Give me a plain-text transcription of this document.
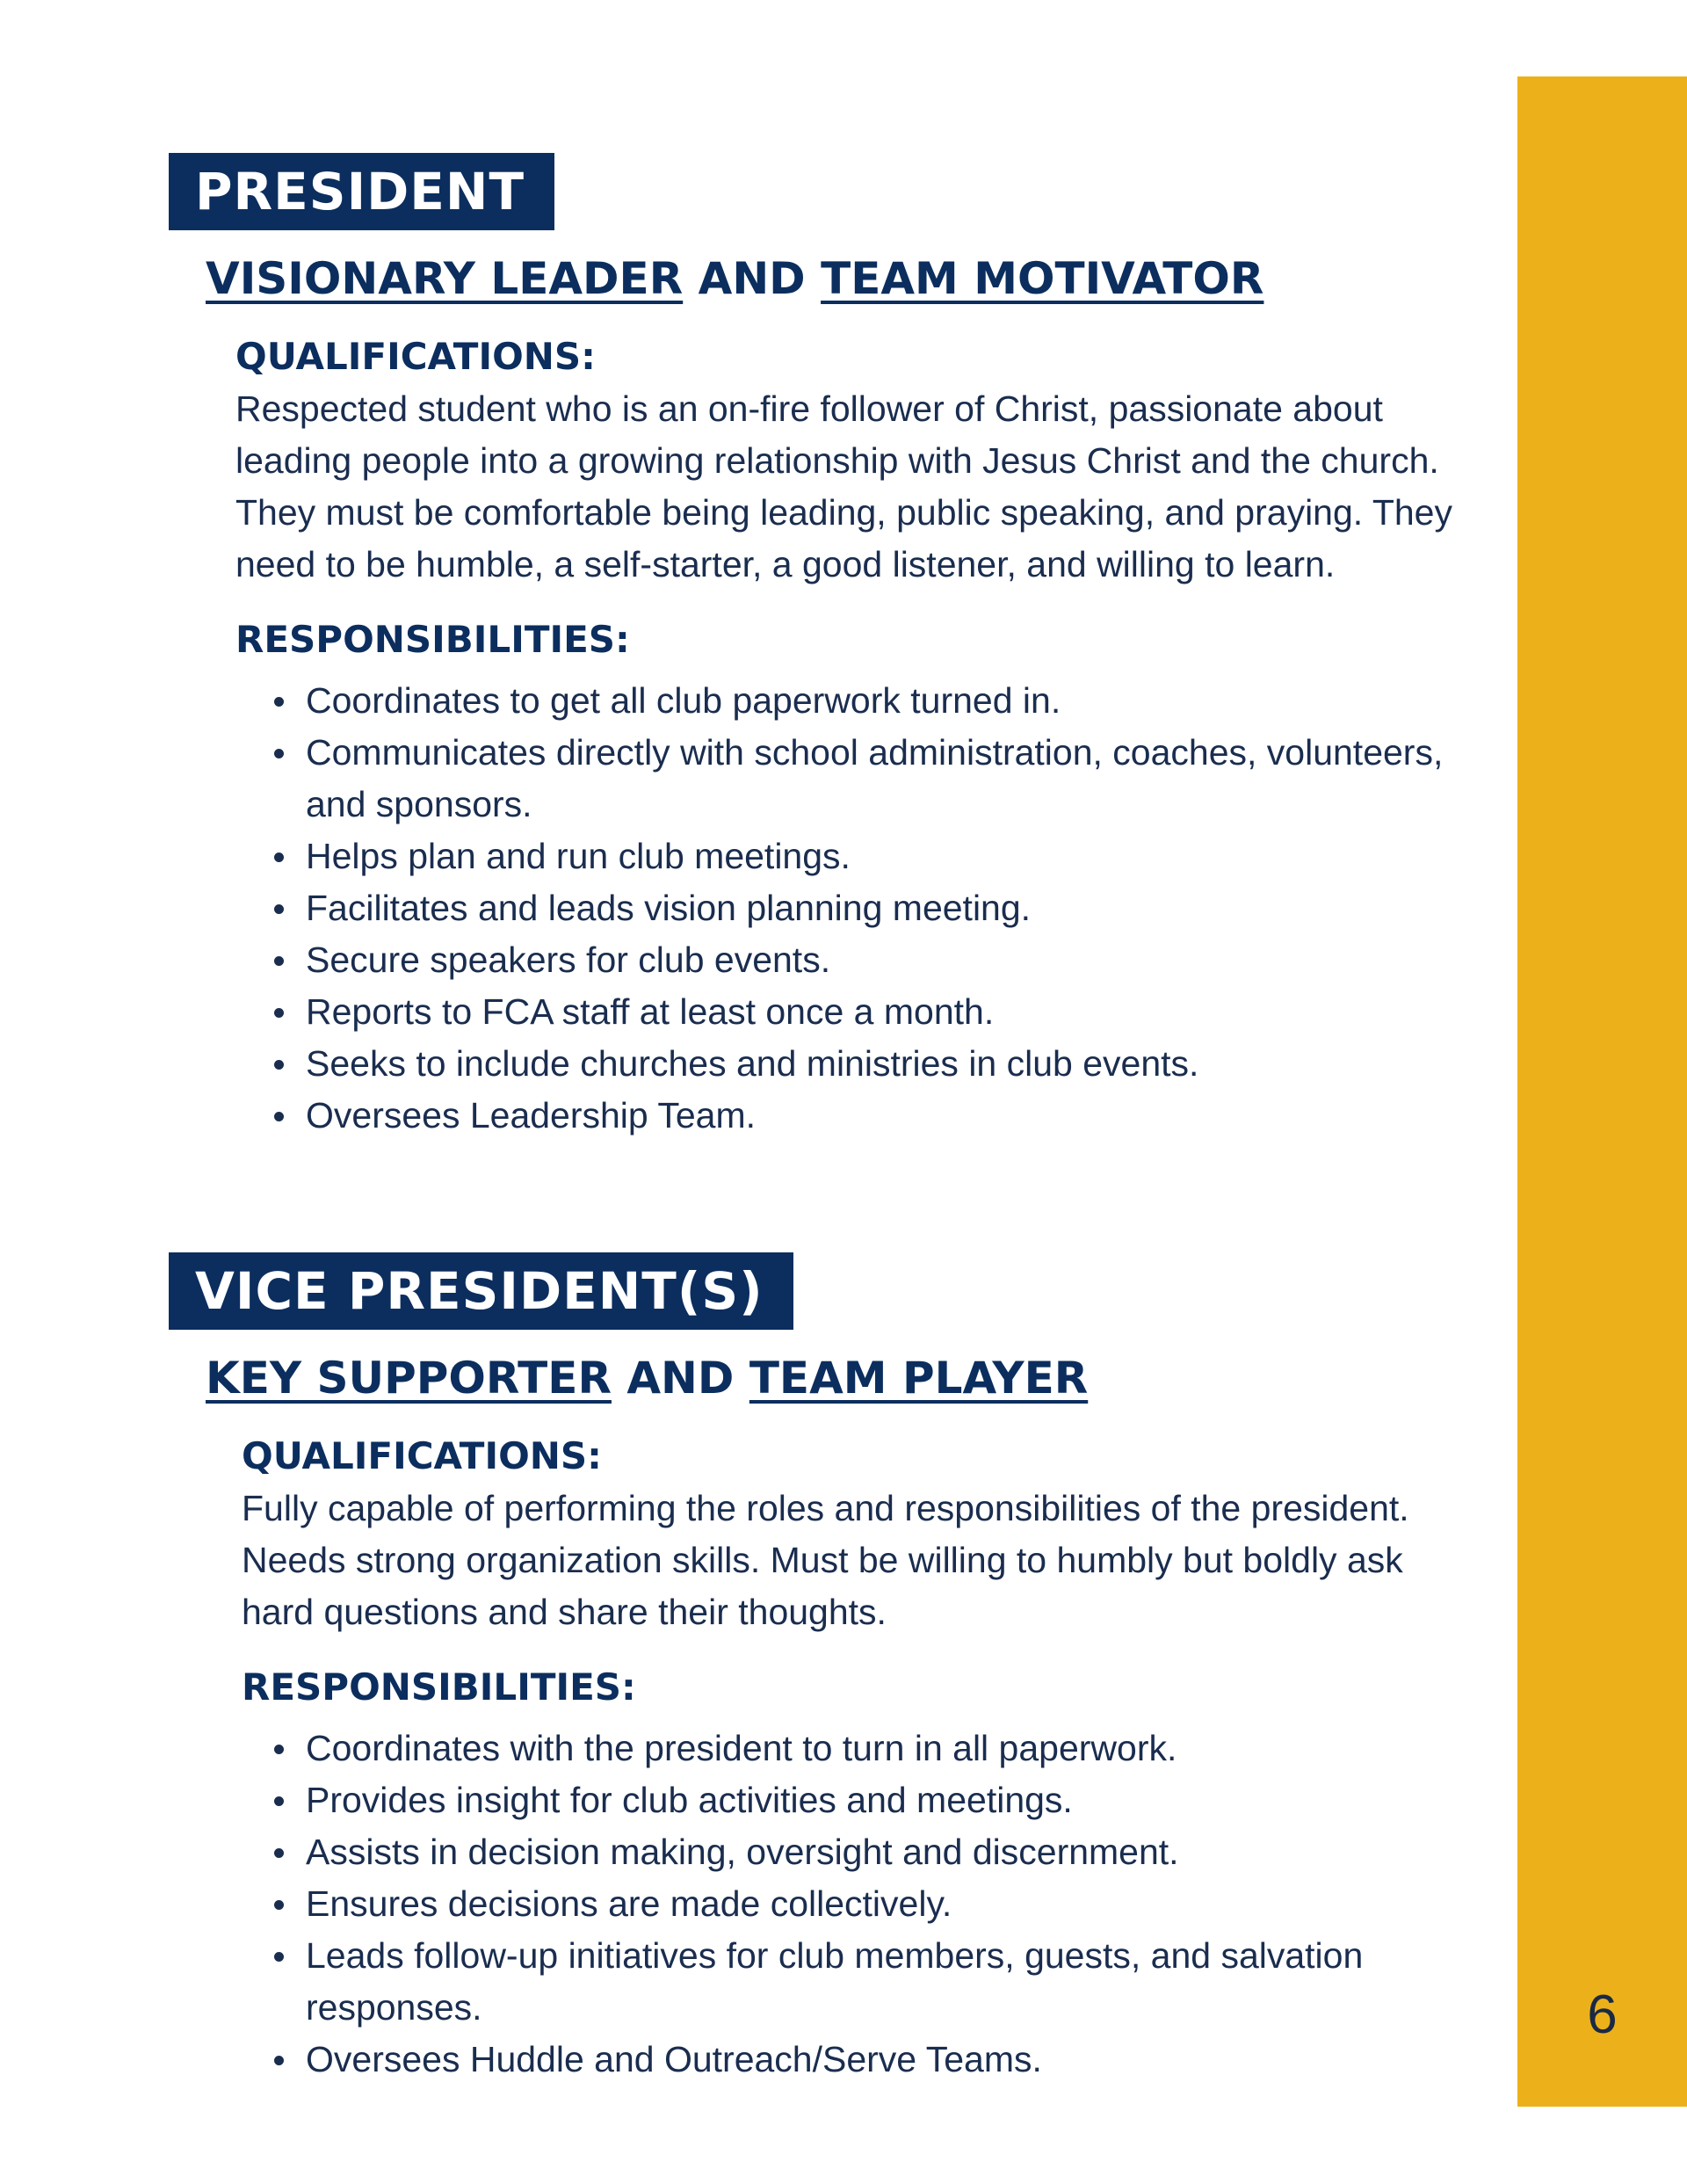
6
PRESIDENT
VISIONARY LEADER AND TEAM MOTIVATOR
QUALIFICATIONS:
Respected student who is an on-fire follower of Christ, passionate about leading people into a growing relationship with Jesus Christ and the church. They must be comfortable being leading, public speaking, and praying. They need to be humble, a self-starter, a good listener, and willing to learn.
RESPONSIBILITIES:
Coordinates to get all club paperwork turned in.
Communicates directly with school administration, coaches, volunteers, and sponsors.
Helps plan and run club meetings.
Facilitates and leads vision planning meeting.
Secure speakers for club events.
Reports to FCA staff at least once a month.
Seeks to include churches and ministries in club events.
Oversees Leadership Team.
VICE PRESIDENT(S)
KEY SUPPORTER AND TEAM PLAYER
QUALIFICATIONS:
Fully capable of performing the roles and responsibilities of the president. Needs strong organization skills. Must be willing to humbly but boldly ask hard questions and share their thoughts.
RESPONSIBILITIES:
Coordinates with the president to turn in all paperwork.
Provides insight for club activities and meetings.
Assists in decision making, oversight and discernment.
Ensures decisions are made collectively.
Leads follow-up initiatives for club members, guests, and salvation responses.
Oversees Huddle and Outreach/Serve Teams.
